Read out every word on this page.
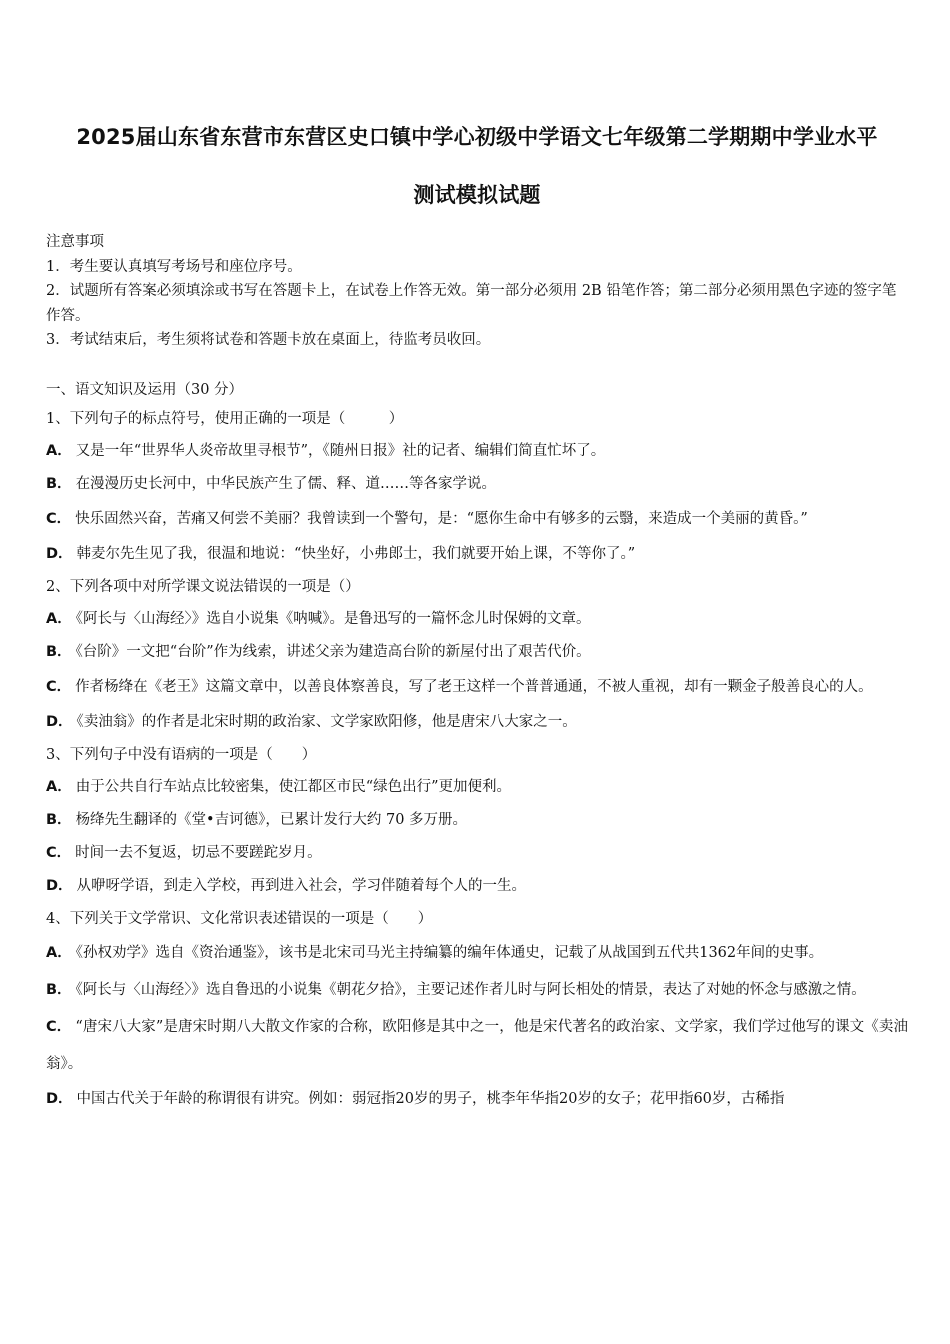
2025届山东省东营市东营区史口镇中学心初级中学语文七年级第二学期期中学业水平
测试模拟试题
注意事项
1．考生要认真填写考场号和座位序号。
2．试题所有答案必须填涂或书写在答题卡上，在试卷上作答无效。第一部分必须用 2B 铅笔作答；第二部分必须用黑色字迹的签字笔作答。
3．考试结束后，考生须将试卷和答题卡放在桌面上，待监考员收回。
一、语文知识及运用（30 分）
1、下列句子的标点符号，使用正确的一项是（　　　）
A． 又是一年“世界华人炎帝故里寻根节”，《随州日报》社的记者、编辑们简直忙坏了。
B． 在漫漫历史长河中，中华民族产生了儒、释、道……等各家学说。
C． 快乐固然兴奋，苦痛又何尝不美丽？我曾读到一个警句，是：“愿你生命中有够多的云翳，来造成一个美丽的黄昏。”
D． 韩麦尔先生见了我，很温和地说：“快坐好，小弗郎士，我们就要开始上课，不等你了。”
2、下列各项中对所学课文说法错误的一项是（）
A． 《阿长与〈山海经〉》选自小说集《呐喊》。是鲁迅写的一篇怀念儿时保姆的文章。
B． 《台阶》一文把“台阶”作为线索，讲述父亲为建造高台阶的新屋付出了艰苦代价。
C． 作者杨绛在《老王》这篇文章中，以善良体察善良，写了老王这样一个普普通通，不被人重视，却有一颗金子般善良心的人。
D． 《卖油翁》的作者是北宋时期的政治家、文学家欧阳修，他是唐宋八大家之一。
3、下列句子中没有语病的一项是（　　）
A． 由于公共自行车站点比较密集，使江都区市民“绿色出行”更加便利。
B． 杨绛先生翻译的《堂•吉诃德》，已累计发行大约 70 多万册。
C． 时间一去不复返，切忌不要蹉跎岁月。
D． 从咿呀学语，到走入学校，再到进入社会，学习伴随着每个人的一生。
4、下列关于文学常识、文化常识表述错误的一项是（　　）
A． 《孙权劝学》选自《资治通鉴》，该书是北宋司马光主持编纂的编年体通史，记载了从战国到五代共1362年间的史事。
B． 《阿长与〈山海经〉》选自鲁迅的小说集《朝花夕拾》，主要记述作者儿时与阿长相处的情景，表达了对她的怀念与感激之情。
C． “唐宋八大家”是唐宋时期八大散文作家的合称，欧阳修是其中之一，他是宋代著名的政治家、文学家，我们学过他写的课文《卖油翁》。
D． 中国古代关于年龄的称谓很有讲究。例如：弱冠指20岁的男子，桃李年华指20岁的女子；花甲指60岁，古稀指
